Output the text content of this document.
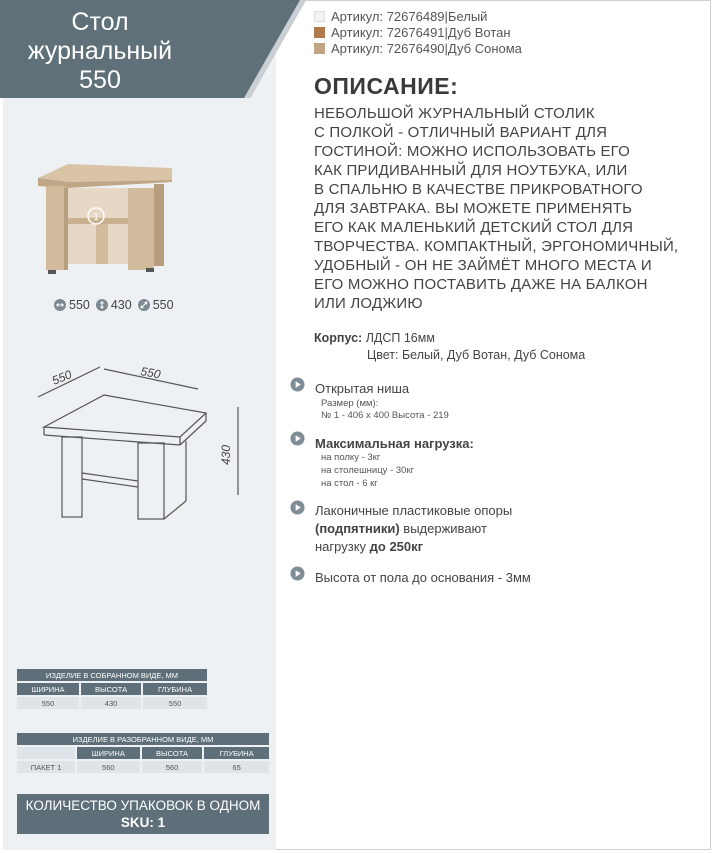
Стол
журнальный
550
Артикул: 72676489 | Белый
Артикул: 72676491 | Дуб Вотан
Артикул: 72676490 | Дуб Сонома
ОПИСАНИЕ:
НЕБОЛЬШОЙ ЖУРНАЛЬНЫЙ СТОЛИК
С ПОЛКОЙ - ОТЛИЧНЫЙ ВАРИАНТ ДЛЯ
ГОСТИНОЙ: МОЖНО ИСПОЛЬЗОВАТЬ ЕГО
КАК ПРИДИВАННЫЙ ДЛЯ НОУТБУКА, ИЛИ
В СПАЛЬНЮ В КАЧЕСТВЕ ПРИКРОВАТНОГО
ДЛЯ ЗАВТРАКА. ВЫ МОЖЕТЕ ПРИМЕНЯТЬ
ЕГО КАК МАЛЕНЬКИЙ ДЕТСКИЙ СТОЛ ДЛЯ
ТВОРЧЕСТВА. КОМПАКТНЫЙ, ЭРГОНОМИЧНЫЙ,
УДОБНЫЙ - ОН НЕ ЗАЙМЁТ МНОГО МЕСТА И
ЕГО МОЖНО ПОСТАВИТЬ ДАЖЕ НА БАЛКОН
ИЛИ ЛОДЖИЮ
Корпус: ЛДСП 16мм
Цвет: Белый, Дуб Вотан, Дуб Сонома
Открытая ниша
Размер (мм):
№ 1 - 406 x 400 Высота - 219
Максимальная нагрузка:
на полку - 3кг
на столешницу - 30кг
на стол - 6 кг
Лаконичные пластиковые опоры
(подпятники) выдерживают
нагрузку до 250кг
Высота от пола до основания - 3мм
1
550 430 550
550	550
430
ИЗДЕЛИЕ В СОБРАННОМ ВИДЕ, ММ		
ШИРИНА	ВЫСОТА	ГЛУБИНА
550	430	550
ИЗДЕЛИЕ В РАЗОБРАННОМ ВИДЕ, ММ			
	ШИРИНА	ВЫСОТА	ГЛУБИНА
ПАКЕТ 1	560	560	65
КОЛИЧЕСТВО УПАКОВОК В ОДНОМ
SKU: 1
